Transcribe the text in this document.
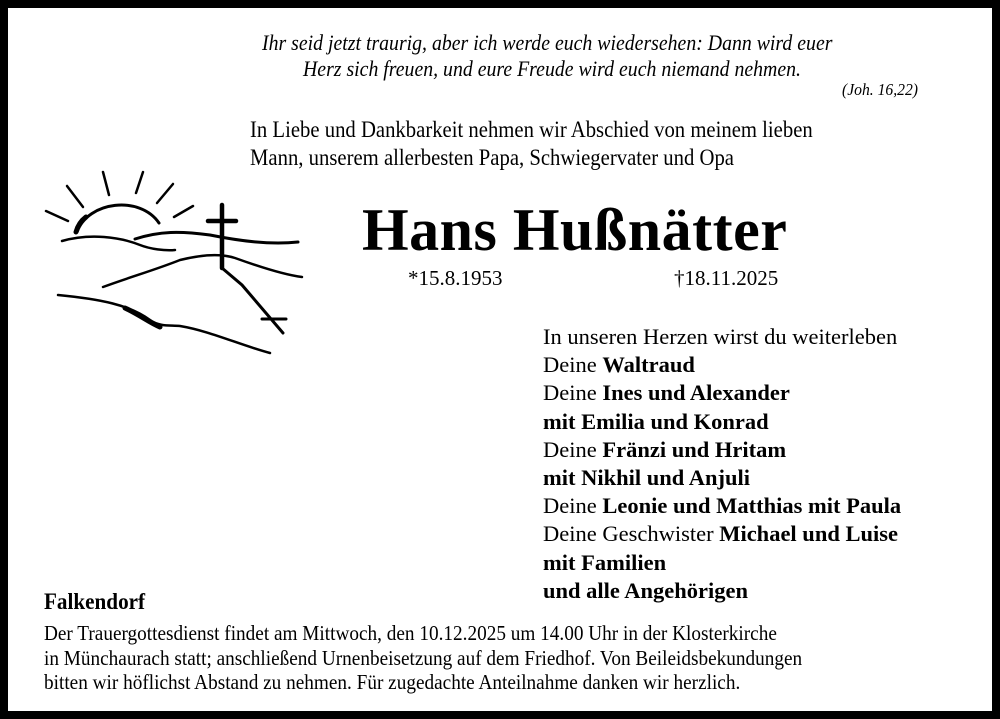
Ihr seid jetzt traurig, aber ich werde euch wiedersehen: Dann wird euer
Herz sich freuen, und eure Freude wird euch niemand nehmen.
(Joh. 16,22)
In Liebe und Dankbarkeit nehmen wir Abschied von meinem lieben
Mann, unserem allerbesten Papa, Schwiegervater und Opa
Hans Hußnätter
*15.8.1953	†18.11.2025
In unseren Herzen wirst du weiterleben
Deine Waltraud
Deine Ines und Alexander
mit Emilia und Konrad
Deine Fränzi und Hritam
mit Nikhil und Anjuli
Deine Leonie und Matthias mit Paula
Deine Geschwister Michael und Luise
mit Familien
und alle Angehörigen
Falkendorf
Der Trauergottesdienst findet am Mittwoch, den 10.12.2025 um 14.00 Uhr in der Klosterkirche
in Münchaurach statt; anschließend Urnenbeisetzung auf dem Friedhof. Von Beileidsbekundungen
bitten wir höflichst Abstand zu nehmen. Für zugedachte Anteilnahme danken wir herzlich.
